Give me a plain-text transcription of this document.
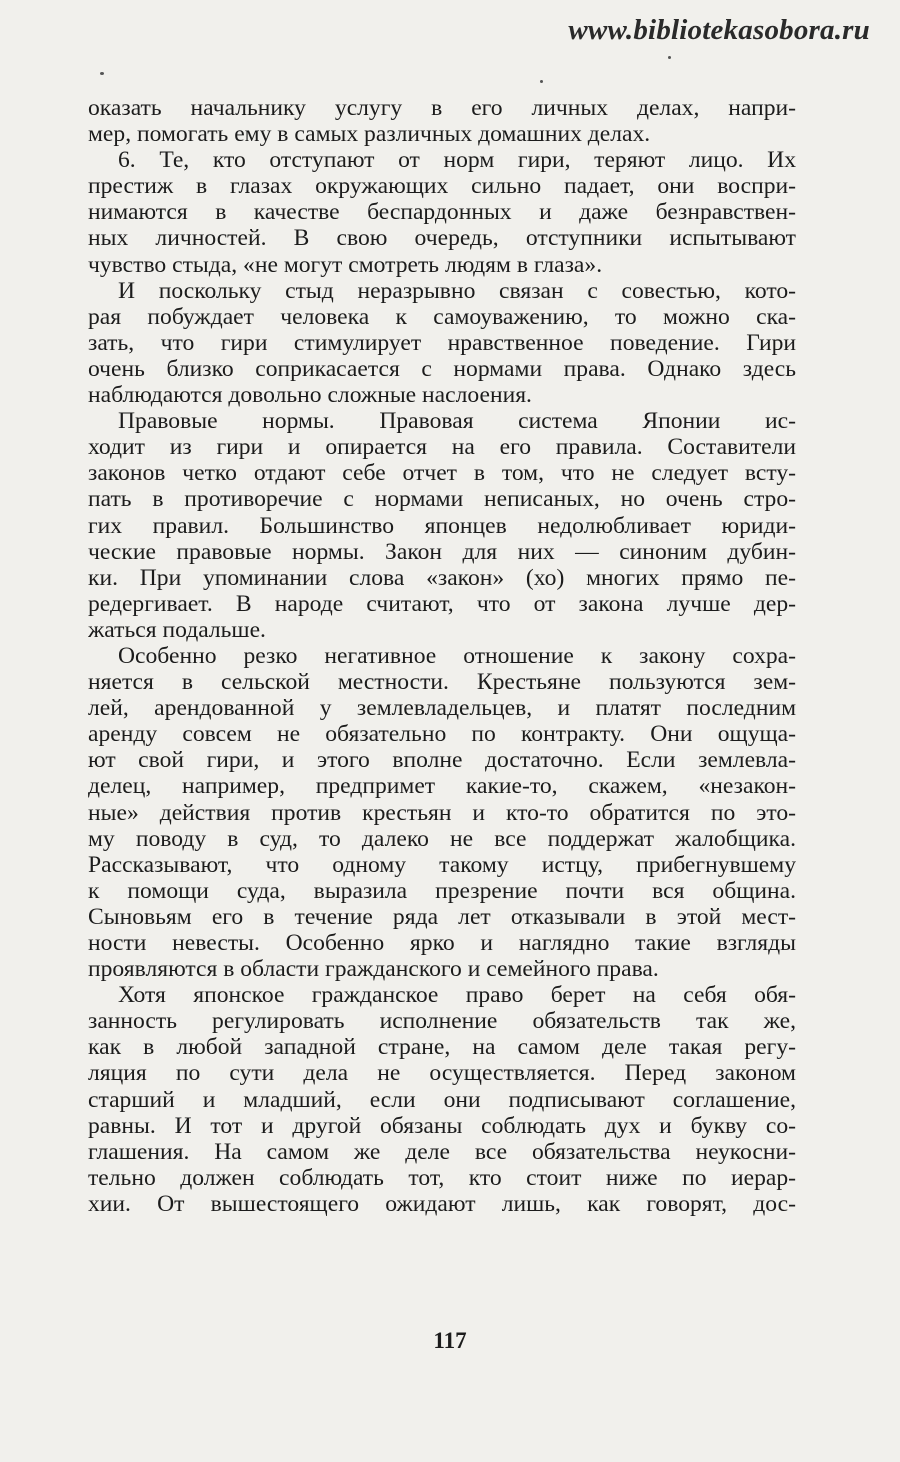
www.bibliotekasobora.ru
оказать начальнику услугу в его личных делах, напри-
мер, помогать ему в самых различных домашних делах.
6. Те, кто отступают от норм гири, теряют лицо. Их
престиж в глазах окружающих сильно падает, они воспри-
нимаются в качестве беспардонных и даже безнравствен-
ных личностей. В свою очередь, отступники испытывают
чувство стыда, «не могут смотреть людям в глаза».
И поскольку стыд неразрывно связан с совестью, кото-
рая побуждает человека к самоуважению, то можно ска-
зать, что гири стимулирует нравственное поведение. Гири
очень близко соприкасается с нормами права. Однако здесь
наблюдаются довольно сложные наслоения.
Правовые нормы. Правовая система Японии ис-
ходит из гири и опирается на его правила. Составители
законов четко отдают себе отчет в том, что не следует всту-
пать в противоречие с нормами неписаных, но очень стро-
гих правил. Большинство японцев недолюбливает юриди-
ческие правовые нормы. Закон для них — синоним дубин-
ки. При упоминании слова «закон» (хо) многих прямо пе-
редергивает. В народе считают, что от закона лучше дер-
жаться подальше.
Особенно резко негативное отношение к закону сохра-
няется в сельской местности. Крестьяне пользуются зем-
лей, арендованной у землевладельцев, и платят последним
аренду совсем не обязательно по контракту. Они ощуща-
ют свой гири, и этого вполне достаточно. Если землевла-
делец, например, предпримет какие-то, скажем, «незакон-
ные» действия против крестьян и кто-то обратится по это-
му поводу в суд, то далеко не все поддержат жалобщика.
Рассказывают, что одному такому истцу, прибегнувшему
к помощи суда, выразила презрение почти вся община.
Сыновьям его в течение ряда лет отказывали в этой мест-
ности невесты. Особенно ярко и наглядно такие взгляды
проявляются в области гражданского и семейного права.
Хотя японское гражданское право берет на себя обя-
занность регулировать исполнение обязательств так же,
как в любой западной стране, на самом деле такая регу-
ляция по сути дела не осуществляется. Перед законом
старший и младший, если они подписывают соглашение,
равны. И тот и другой обязаны соблюдать дух и букву со-
глашения. На самом же деле все обязательства неукосни-
тельно должен соблюдать тот, кто стоит ниже по иерар-
хии. От вышестоящего ожидают лишь, как говорят, дос-
117
